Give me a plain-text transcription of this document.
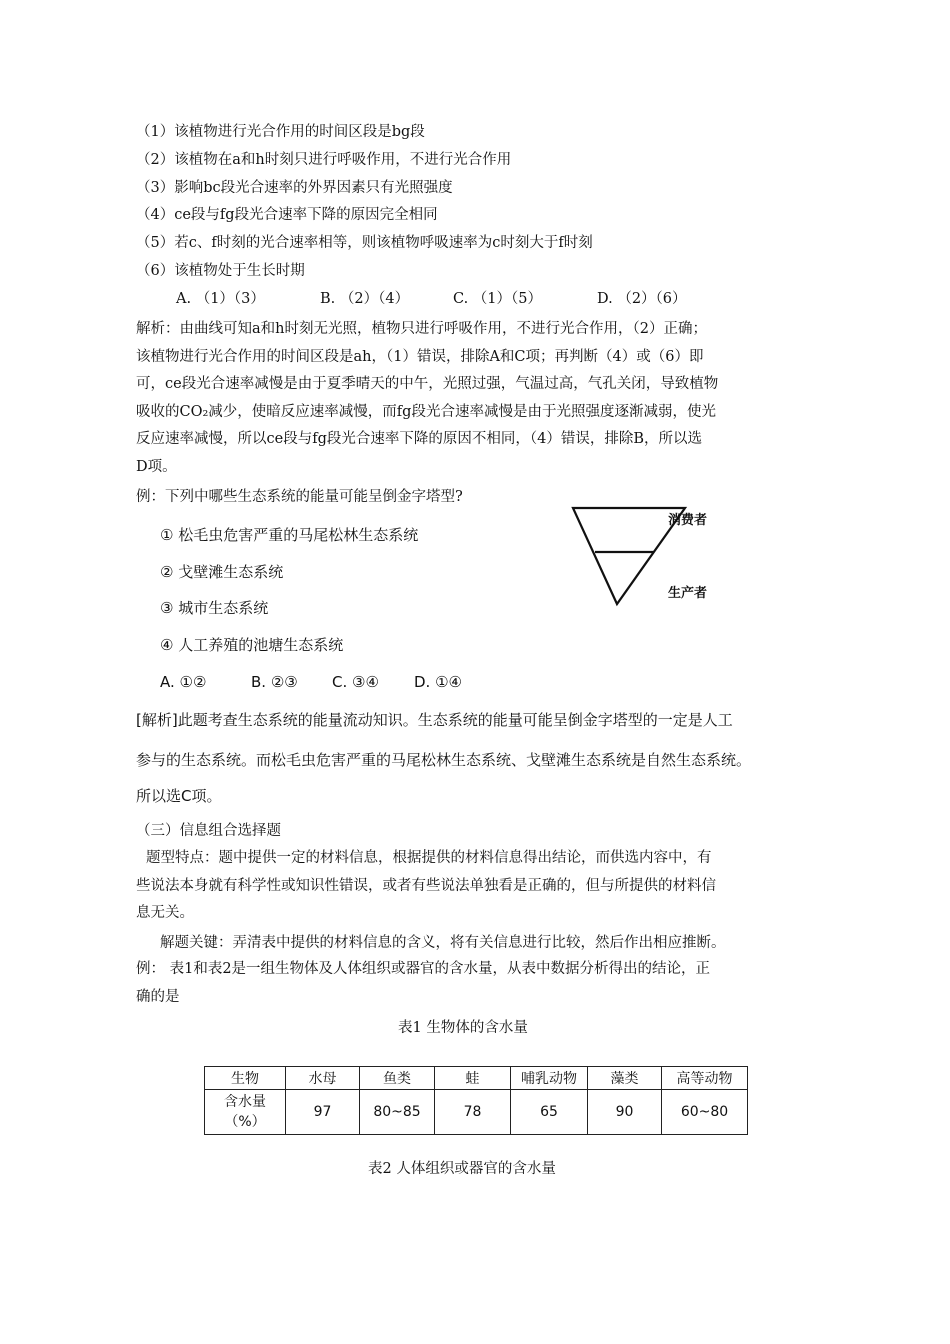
（1）该植物进行光合作用的时间区段是bg段
（2）该植物在a和h时刻只进行呼吸作用，不进行光合作用
（3）影响bc段光合速率的外界因素只有光照强度
（4）ce段与fg段光合速率下降的原因完全相同
（5）若c、f时刻的光合速率相等，则该植物呼吸速率为c时刻大于f时刻
（6）该植物处于生长时期
A. （1）（3）	B. （2）（4）	C. （1）（5）	D. （2）（6）
解析：由曲线可知a和h时刻无光照，植物只进行呼吸作用，不进行光合作用，（2）正确；
该植物进行光合作用的时间区段是ah，（1）错误，排除A和C项；再判断（4）或（6）即
可，ce段光合速率减慢是由于夏季晴天的中午，光照过强，气温过高，气孔关闭，导致植物
吸收的CO₂减少，使暗反应速率减慢，而fg段光合速率减慢是由于光照强度逐渐减弱，使光
反应速率减慢，所以ce段与fg段光合速率下降的原因不相同，（4）错误，排除B，所以选
D项。
例：下列中哪些生态系统的能量可能呈倒金字塔型?
① 松毛虫危害严重的马尾松林生态系统
② 戈壁滩生态系统
③ 城市生态系统
④ 人工养殖的池塘生态系统
A. ①②	B. ②③ C. ③④ D. ①④
消费者
生产者
[解析]此题考查生态系统的能量流动知识。生态系统的能量可能呈倒金字塔型的一定是人工
参与的生态系统。而松毛虫危害严重的马尾松林生态系统、戈壁滩生态系统是自然生态系统。
所以选C项。
（三）信息组合选择题
题型特点：题中提供一定的材料信息，根据提供的材料信息得出结论，而供选内容中，有
些说法本身就有科学性或知识性错误，或者有些说法单独看是正确的，但与所提供的材料信
息无关。
解题关键：弄清表中提供的材料信息的含义，将有关信息进行比较，然后作出相应推断。
例： 表1和表2是一组生物体及人体组织或器官的含水量，从表中数据分析得出的结论，正
确的是
表1 生物体的含水量
生物	水母	鱼类	蛙	哺乳动物	藻类	高等动物

含水量
（%）	97	80~85	78	65	90	60~80
表2 人体组织或器官的含水量
